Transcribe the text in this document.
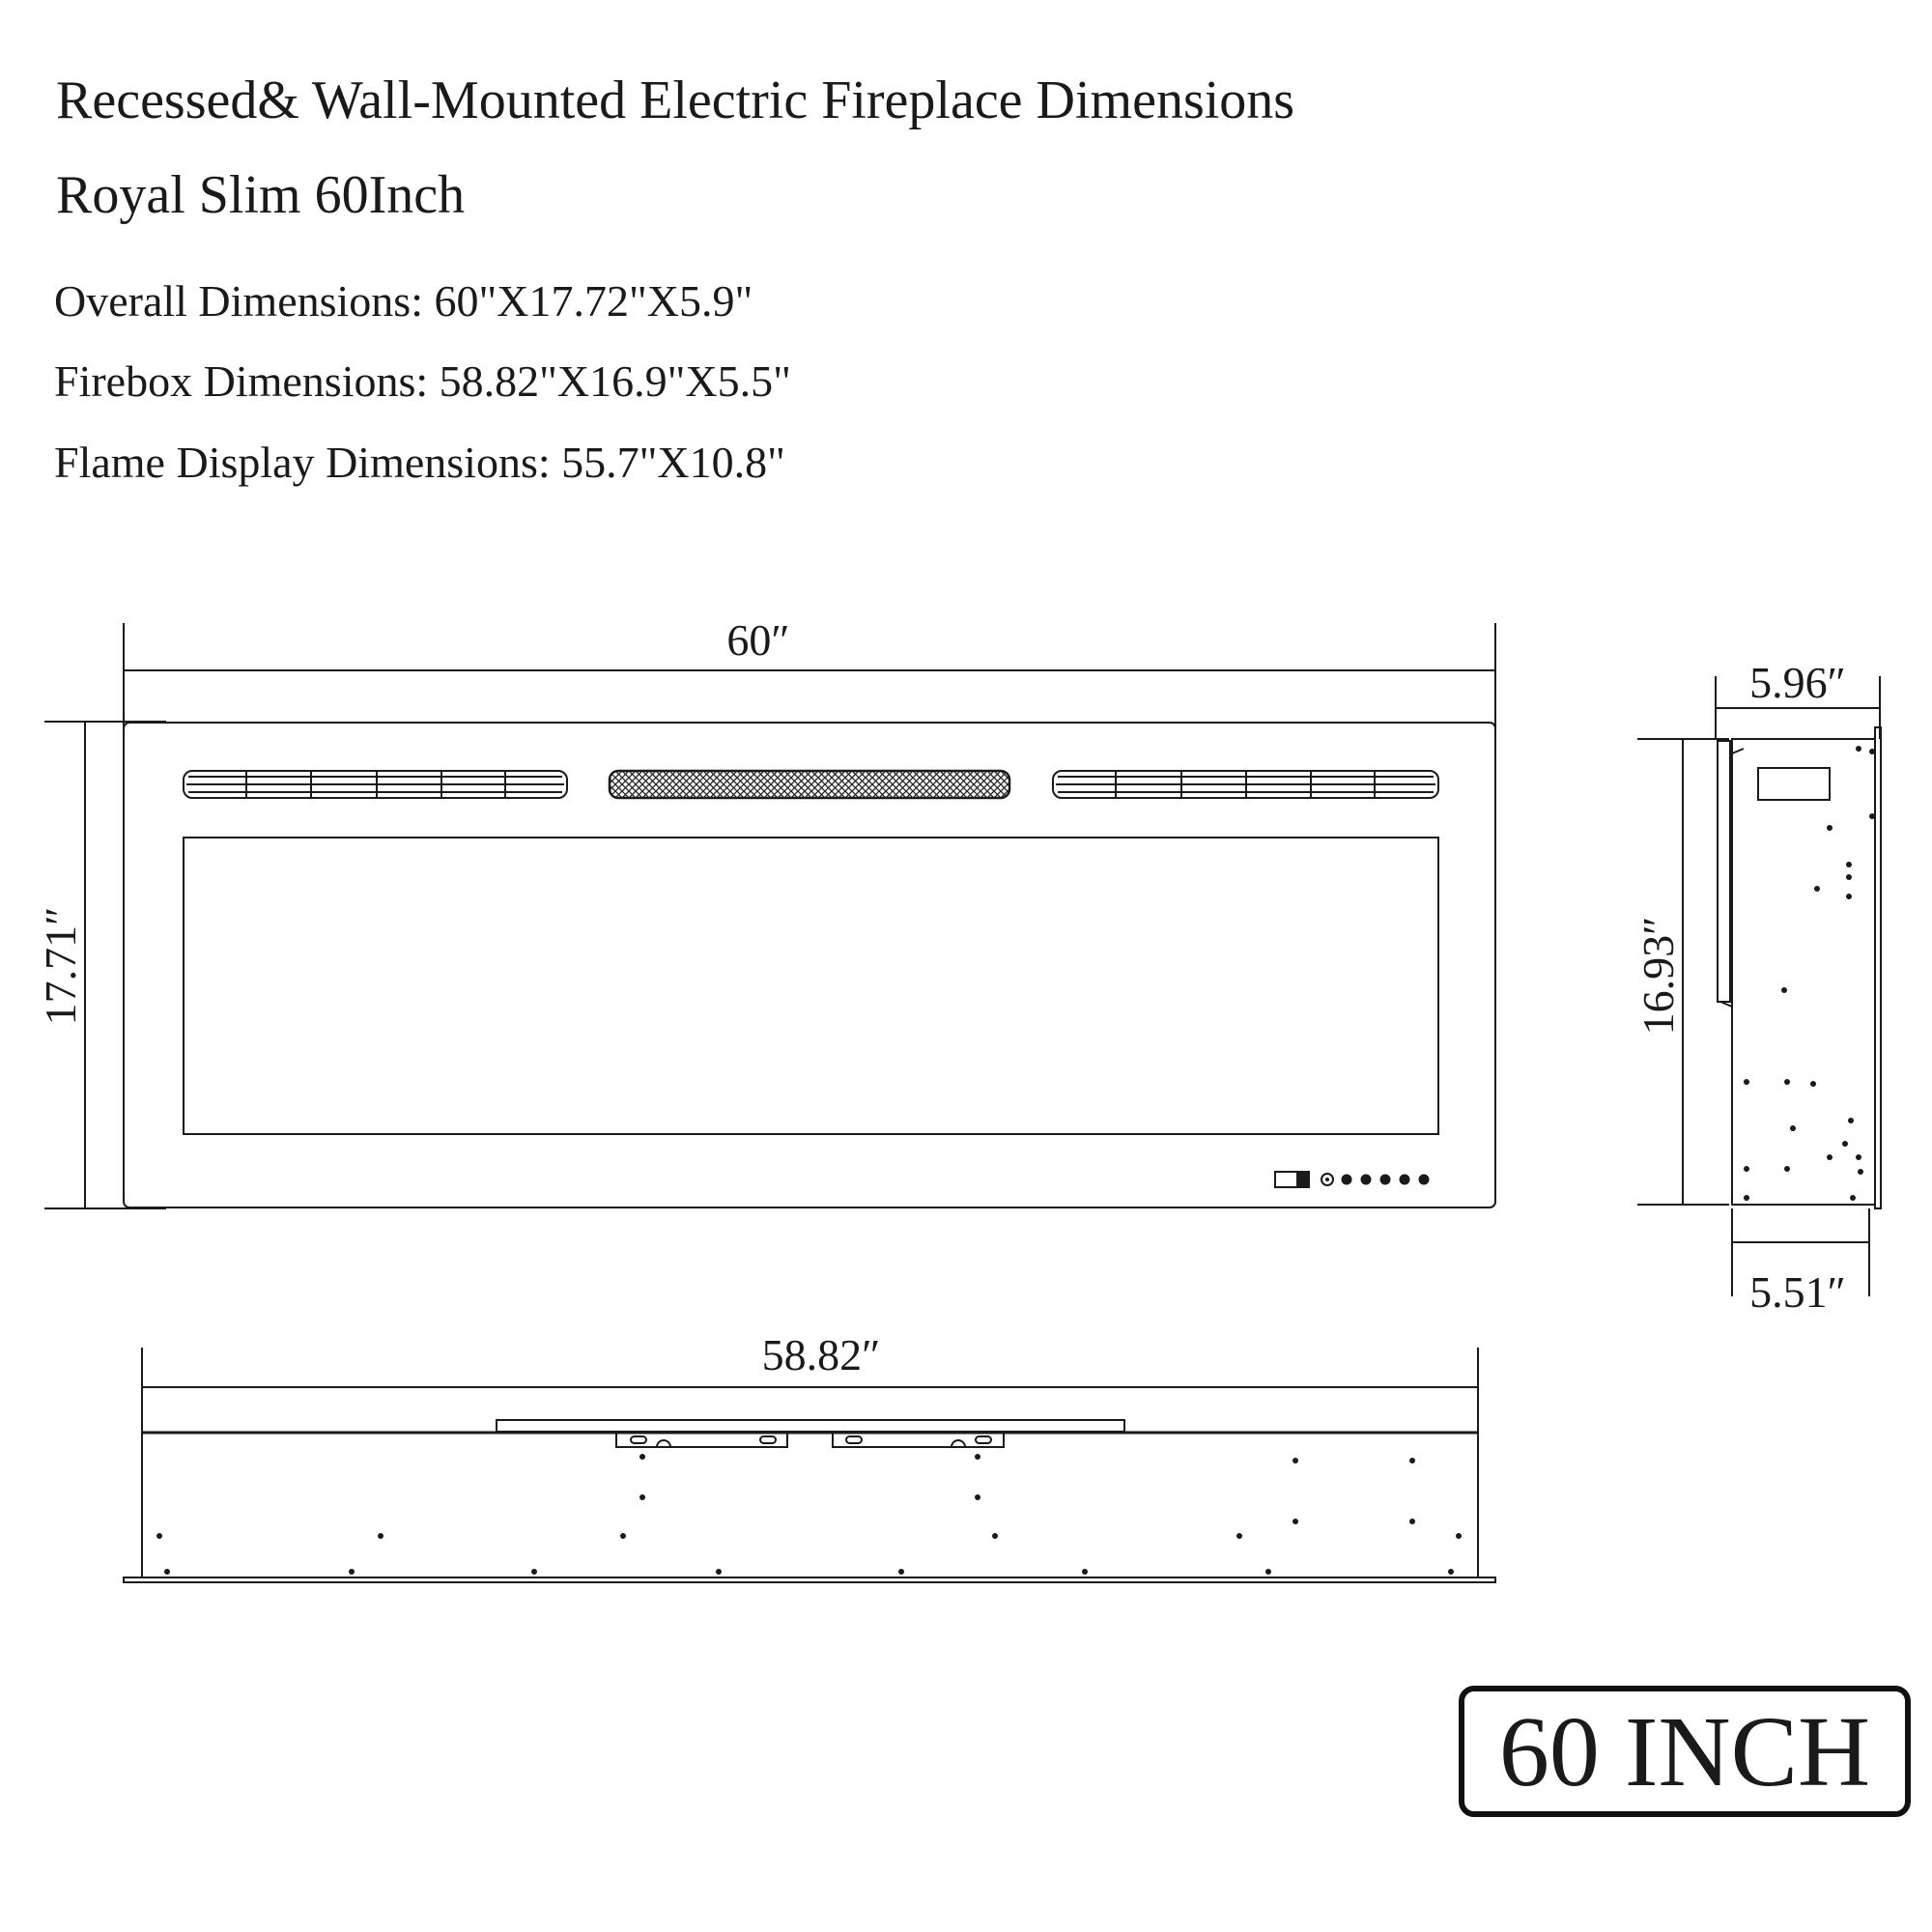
Recessed& Wall-Mounted Electric Fireplace Dimensions
Royal Slim 60Inch
Overall Dimensions: 60"X17.72"X5.9"
Firebox Dimensions: 58.82"X16.9"X5.5"
Flame Display Dimensions: 55.7"X10.8"
60″
17.71″
5.96″
16.93″
5.51″
58.82″
60 INCH
